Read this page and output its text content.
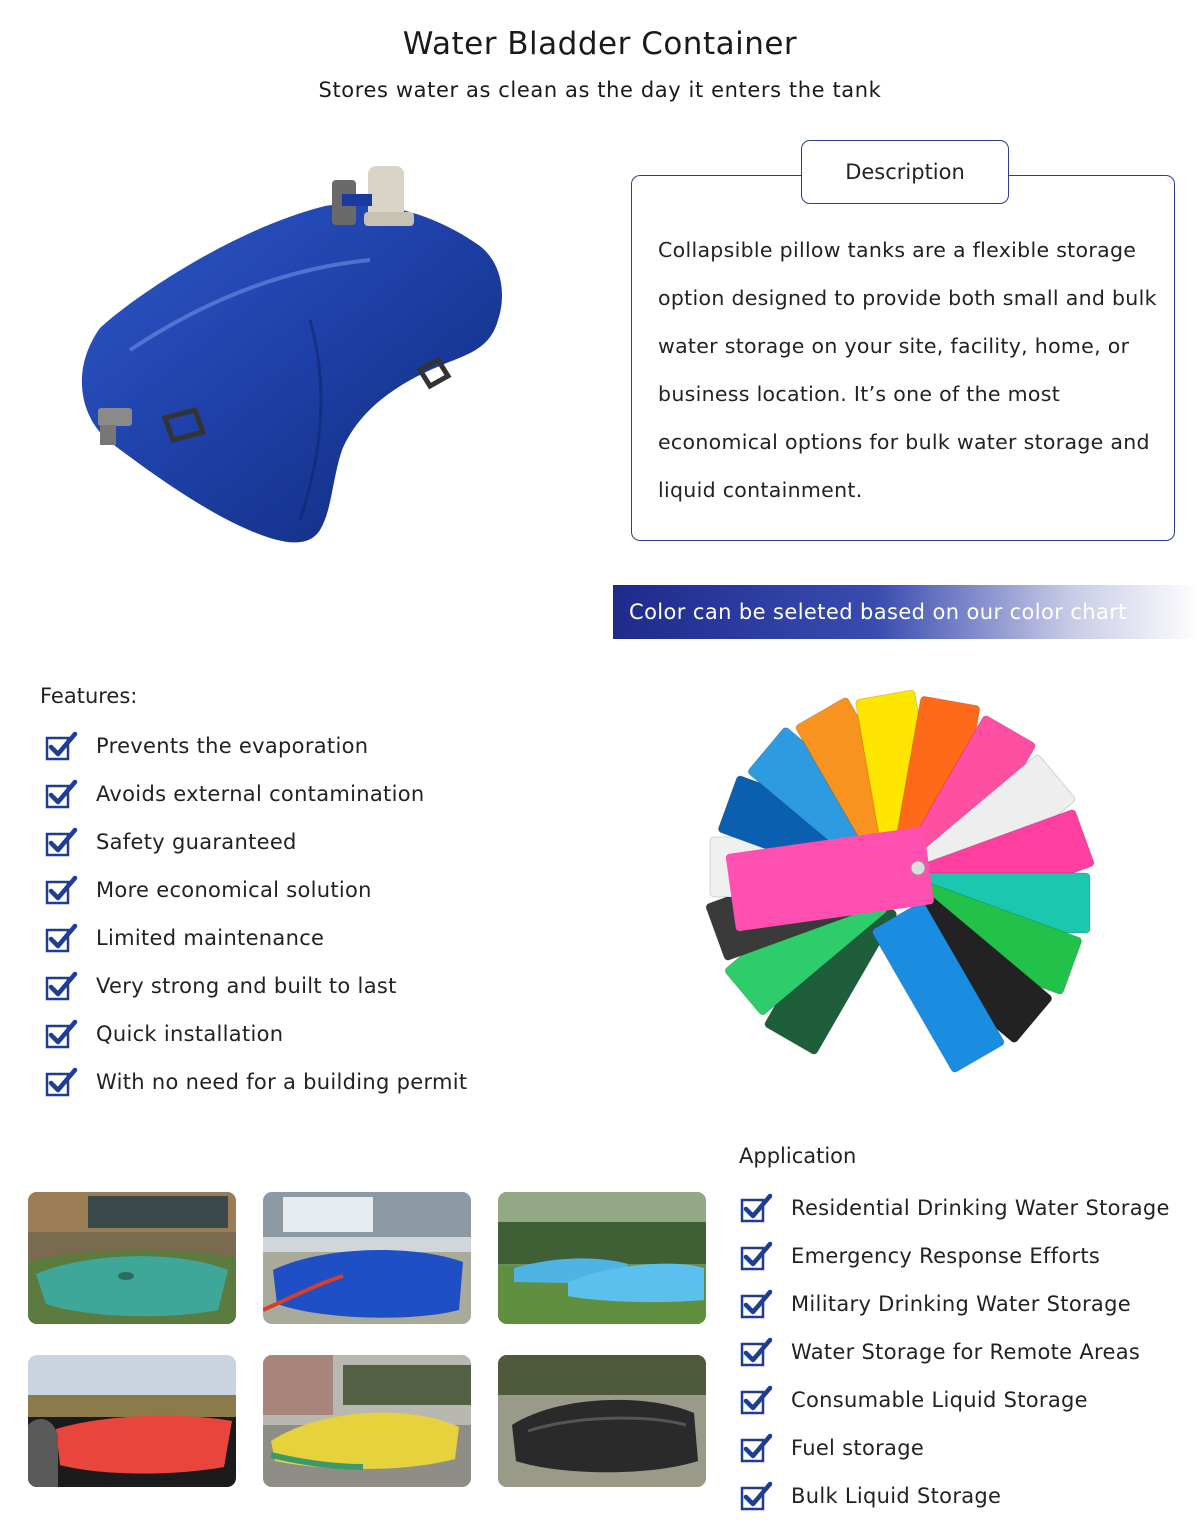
Water Bladder Container
Stores water as clean as the day it enters the tank
Description
Collapsible pillow tanks are a flexible storage option designed to provide both small and bulk water storage on your site, facility, home, or business location. It’s one of the most economical options for bulk water storage and liquid containment.
Color can be seleted based on our color chart
Features:
Prevents the evaporation
Avoids external contamination
Safety guaranteed
More economical solution
Limited maintenance
Very strong and built to last
Quick installation
With no need for a building permit
Application
Residential Drinking Water Storage
Emergency Response Efforts
Military Drinking Water Storage
Water Storage for Remote Areas
Consumable Liquid Storage
Fuel storage
Bulk Liquid Storage
